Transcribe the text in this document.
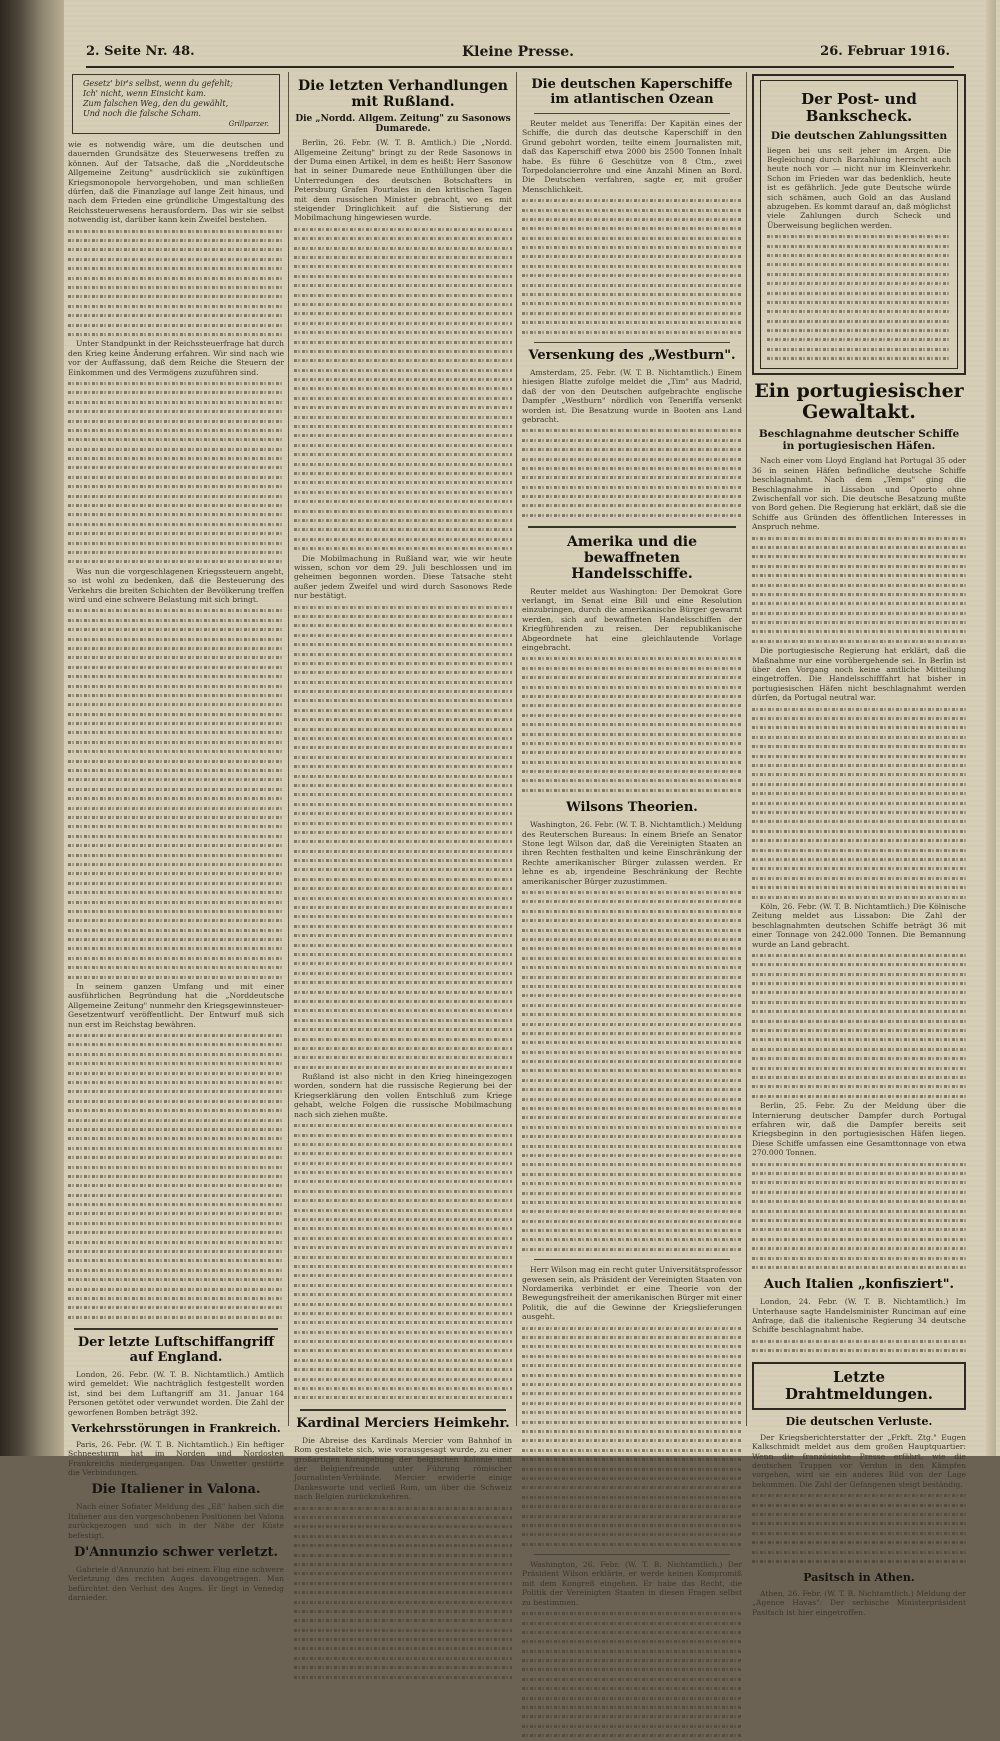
2. Seite Nr. 48.	Kleine Presse.	26. Februar 1916.
Gesetz' bir's selbst, wenn du gefehlt;
Ich' nicht, wenn Einsicht kam.
Zum falschen Weg, den du gewählt,
Und noch die falsche Scham.
Grillparzer.

wie es notwendig wäre, um die deutschen und dauernden Grundsätze des Steuerwesens treffen zu können. Auf der Tatsache, daß die „Norddeutsche Allgemeine Zeitung" ausdrücklich sie zukünftigen Kriegsmonopole hervorgehoben, und man schließen dürfen, daß die Finanzlage auf lange Zeit hinaus, und nach dem Frieden eine gründliche Umgestaltung des Reichssteuerwesens herausfordern. Das wir sie selbst notwendig ist, darüber kann kein Zweifel bestehen.

Unter Standpunkt in der Reichssteuerfrage hat durch den Krieg keine Änderung erfahren. Wir sind nach wie vor der Auffassung, daß dem Reiche die Steuern der Einkommen und des Vermögens zuzuführen sind.

Was nun die vorgeschlagenen Kriegssteuern angeht, so ist wohl zu bedenken, daß die Besteuerung des Verkehrs die breiten Schichten der Bevölkerung treffen wird und eine schwere Belastung mit sich bringt.

In seinem ganzen Umfang und mit einer ausführlichen Begründung hat die „Norddeutsche Allgemeine Zeitung" nunmehr den Kriegsgewinnsteuer-Gesetzentwurf veröffentlicht. Der Entwurf muß sich nun erst im Reichstag bewähren.

Der letzte Luftschiffangriff auf England.

London, 26. Febr. (W. T. B. Nichtamtlich.) Amtlich wird gemeldet: Wie nachträglich festgestellt worden ist, sind bei dem Luftangriff am 31. Januar 164 Personen getötet oder verwundet worden. Die Zahl der geworfenen Bomben beträgt 392.

Verkehrsstörungen in Frankreich.

Paris, 26. Febr. (W. T. B. Nichtamtlich.) Ein heftiger Schneesturm hat im Norden und Nordosten Frankreichs niedergegangen. Das Unwetter gestörte die Verbindungen.

Die Italiener in Valona.

Nach einer Sofiater Meldung des „Eß" haben sich die Italiener aus den vorgeschobenen Positionen bei Valona zurückgezogen und sich in der Nähe der Küste befestigt.

D'Annunzio schwer verletzt.

Gabriele d'Annunzio hat bei einem Flug eine schwere Verletzung des rechten Auges davongetragen. Man befürchtet den Verlust des Auges. Er liegt in Venedig darnieder.

Die letzten Verhandlungen mit Rußland.
Die „Nordd. Allgem. Zeitung" zu Sasonows Dumarede.

Berlin, 26. Febr. (W. T. B. Amtlich.) Die „Nordd. Allgemeine Zeitung" bringt zu der Rede Sasonows in der Duma einen Artikel, in dem es heißt: Herr Sasonow hat in seiner Dumarede neue Enthüllungen über die Unterredungen des deutschen Botschafters in Petersburg Grafen Pourtales in den kritischen Tagen mit dem russischen Minister gebracht, wo es mit steigender Dringlichkeit auf die Sistierung der Mobilmachung hingewiesen wurde.

Die Mobilmachung in Rußland war, wie wir heute wissen, schon vor dem 29. Juli beschlossen und im geheimen begonnen worden. Diese Tatsache steht außer jedem Zweifel und wird durch Sasonows Rede nur bestätigt.

Rußland ist also nicht in den Krieg hineingezogen worden, sondern hat die russische Regierung bei der Kriegserklärung den vollen Entschluß zum Kriege gehabt, welche Folgen die russische Mobilmachung nach sich ziehen mußte.

Kardinal Merciers Heimkehr.

Die Abreise des Kardinals Mercier vom Bahnhof in Rom gestaltete sich, wie vorausgesagt wurde, zu einer großartigen Kundgebung der belgischen Kolonie und der Belgienfreunde unter Führung römischer Journalisten-Verbände. Mercier erwiderte einige Dankesworte und verließ Rom, um über die Schweiz nach Belgien zurückzukehren.

Die deutschen Kaperschiffe im atlantischen Ozean

Reuter meldet aus Teneriffa: Der Kapitän eines der Schiffe, die durch das deutsche Kaperschiff in den Grund gebohrt worden, teilte einem Journalisten mit, daß das Kaperschiff etwa 2000 bis 2500 Tonnen Inhalt habe. Es führe 6 Geschütze von 8 Ctm., zwei Torpedolancierrohre und eine Anzahl Minen an Bord. Die Deutschen verfahren, sagte er, mit großer Menschlichkeit.

Versenkung des „Westburn".

Amsterdam, 25. Febr. (W. T. B. Nichtamtlich.) Einem hiesigen Blatte zufolge meldet die „Tim" aus Madrid, daß der von den Deutschen aufgebrachte englische Dampfer „Westburn" nördlich von Teneriffa versenkt worden ist. Die Besatzung wurde in Booten ans Land gebracht.

Amerika und die bewaffneten Handelsschiffe.

Reuter meldet aus Washington: Der Demokrat Gore verlangt, im Senat eine Bill und eine Resolution einzubringen, durch die amerikanische Bürger gewarnt werden, sich auf bewaffneten Handelsschiffen der Kriegführenden zu reisen. Der republikanische Abgeordnete hat eine gleichlautende Vorlage eingebracht.

Wilsons Theorien.

Washington, 26. Febr. (W. T. B. Nichtamtlich.) Meldung des Reuterschen Bureaus: In einem Briefe an Senator Stone legt Wilson dar, daß die Vereinigten Staaten an ihren Rechten festhalten und keine Einschränkung der Rechte amerikanischer Bürger zulassen werden. Er lehne es ab, irgendeine Beschränkung der Rechte amerikanischer Bürger zuzustimmen.

Herr Wilson mag ein recht guter Universitätsprofessor gewesen sein, als Präsident der Vereinigten Staaten von Nordamerika verbindet er eine Theorie von der Bewegungsfreiheit der amerikanischen Bürger mit einer Politik, die auf die Gewinne der Kriegslieferungen ausgeht.

Washington, 26. Febr. (W. T. B. Nichtamtlich.) Der Präsident Wilson erklärte, er werde keinen Kompromiß mit dem Kongreß eingehen. Er habe das Recht, die Politik der Vereinigten Staaten in diesen Fragen selbst zu bestimmen.

Der Post- und Bankscheck.
Die deutschen Zahlungssitten

liegen bei uns seit jeher im Argen. Die Begleichung durch Barzahlung herrscht auch heute noch vor — nicht nur im Kleinverkehr. Schon im Frieden war das bedenklich, heute ist es gefährlich. Jede gute Deutsche würde sich schämen, auch Gold an das Ausland abzugeben. Es kommt darauf an, daß möglichst viele Zahlungen durch Scheck und Überweisung beglichen werden.

Ein portugiesischer Gewaltakt.
Beschlagnahme deutscher Schiffe in portugiesischen Häfen.

Nach einer vom Lloyd England hat Portugal 35 oder 36 in seinen Häfen befindliche deutsche Schiffe beschlagnahmt. Nach dem „Temps" ging die Beschlagnahme in Lissabon und Oporto ohne Zwischenfall vor sich. Die deutsche Besatzung mußte von Bord gehen. Die Regierung hat erklärt, daß sie die Schiffe aus Gründen des öffentlichen Interesses in Anspruch nehme.

Die portugiesische Regierung hat erklärt, daß die Maßnahme nur eine vorübergehende sei. In Berlin ist über den Vorgang noch keine amtliche Mitteilung eingetroffen. Die Handelsschifffahrt hat bisher in portugiesischen Häfen nicht beschlagnahmt werden dürfen, da Portugal neutral war.

Köln, 26. Febr. (W. T. B. Nichtamtlich.) Die Kölnische Zeitung meldet aus Lissabon: Die Zahl der beschlagnahmten deutschen Schiffe beträgt 36 mit einer Tonnage von 242.000 Tonnen. Die Bemannung wurde an Land gebracht.

Berlin, 25. Febr. Zu der Meldung über die Internierung deutscher Dampfer durch Portugal erfahren wir, daß die Dampfer bereits seit Kriegsbeginn in den portugiesischen Häfen liegen. Diese Schiffe umfassen eine Gesamttonnage von etwa 270.000 Tonnen.

Auch Italien „konfisziert".

London, 24. Febr. (W. T. B. Nichtamtlich.) Im Unterhause sagte Handelsminister Runciman auf eine Anfrage, daß die italienische Regierung 34 deutsche Schiffe beschlagnahmt habe.

Letzte Drahtmeldungen.
Die deutschen Verluste.

Der Kriegsberichterstatter der „Frkft. Ztg." Eugen Kalkschmidt meldet aus dem großen Hauptquartier: Wenn die französische Presse erfährt, wie die deutschen Truppen vor Verdun in den Kämpfen vorgehen, wird sie ein anderes Bild von der Lage bekommen. Die Zahl der Gefangenen steigt beständig.

Pasitsch in Athen.

Athen, 26. Febr. (W. T. B. Nichtamtlich.) Meldung der „Agence Havas": Der serbische Ministerpräsident Pasitsch ist hier eingetroffen.
